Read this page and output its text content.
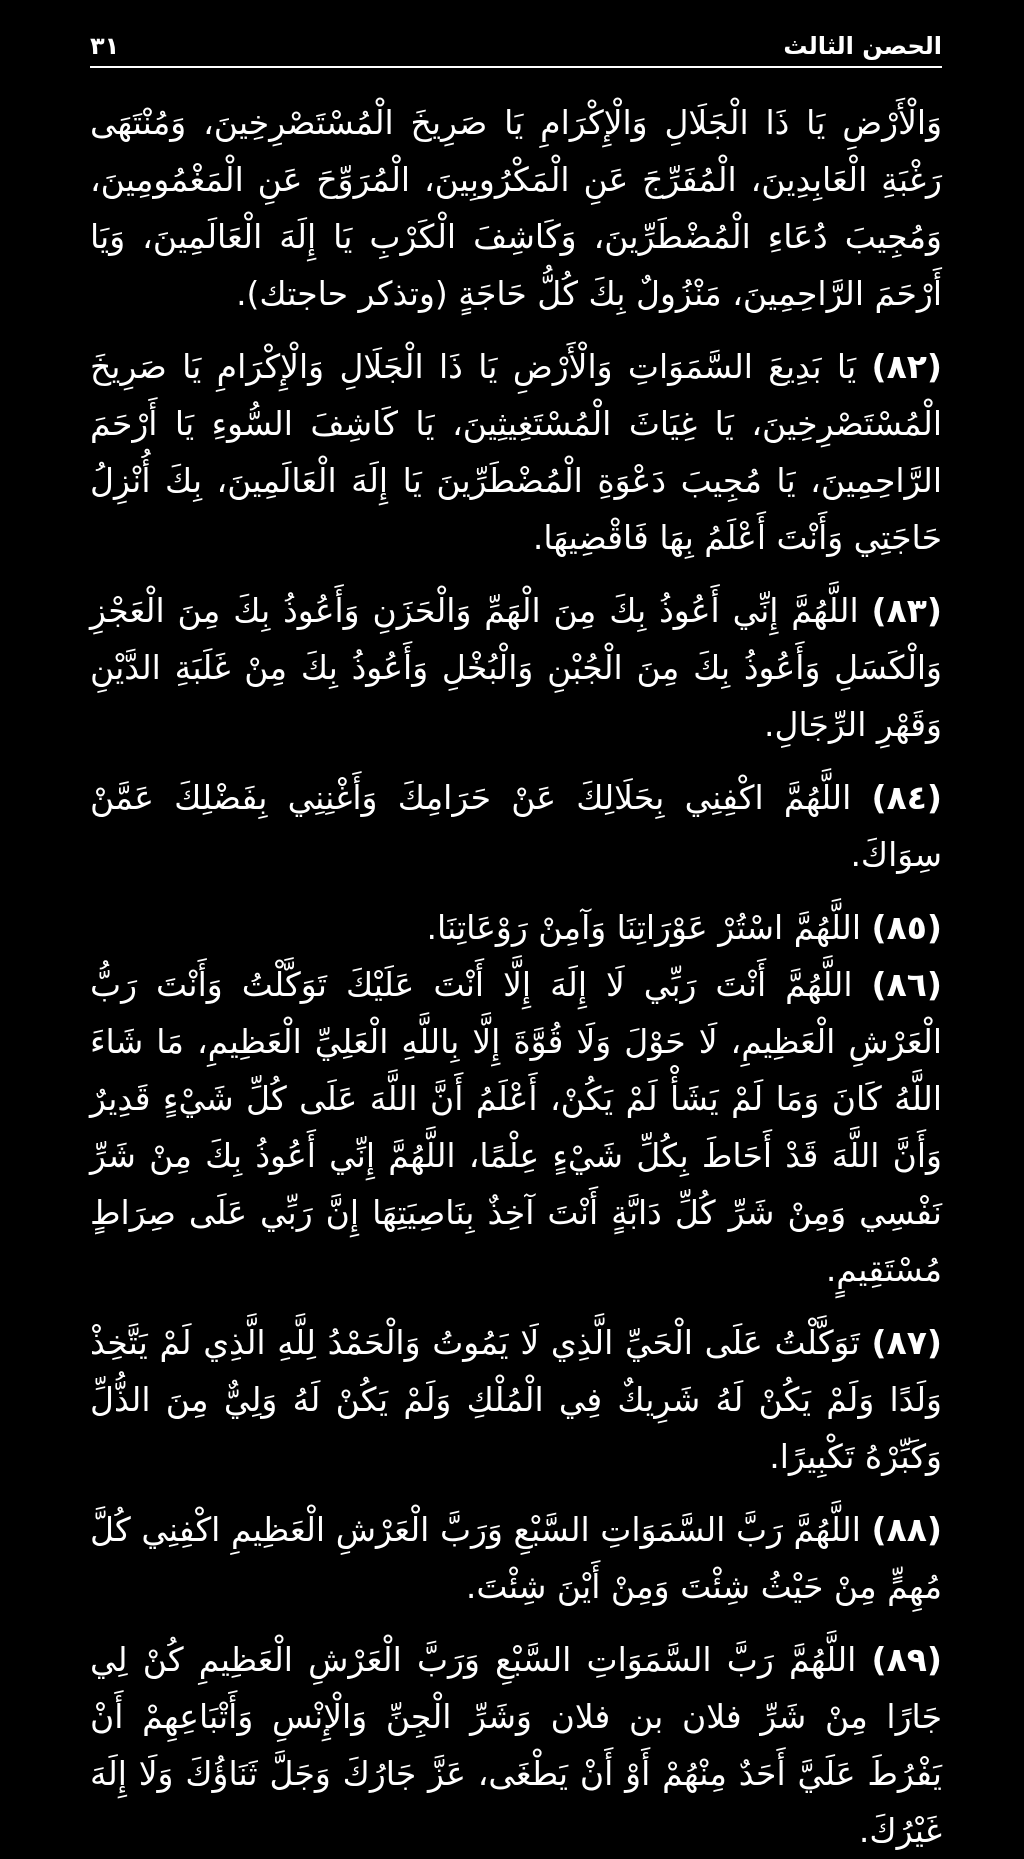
الحصن الثالث
٣١

وَالْأَرْضِ يَا ذَا الْجَلَالِ وَالْإِكْرَامِ يَا صَرِيخَ الْمُسْتَصْرِخِينَ، وَمُنْتَهَى رَغْبَةِ الْعَابِدِينَ، الْمُفَرِّجَ عَنِ الْمَكْرُوبِينَ، الْمُرَوِّحَ عَنِ الْمَغْمُومِينَ، وَمُجِيبَ دُعَاءِ الْمُضْطَرِّينَ، وَكَاشِفَ الْكَرْبِ يَا إِلَهَ الْعَالَمِينَ، وَيَا أَرْحَمَ الرَّاحِمِينَ، مَنْزُولٌ بِكَ كُلُّ حَاجَةٍ (وتذكر حاجتك).

(٨٢) يَا بَدِيعَ السَّمَوَاتِ وَالْأَرْضِ يَا ذَا الْجَلَالِ وَالْإِكْرَامِ يَا صَرِيخَ الْمُسْتَصْرِخِينَ، يَا غِيَاثَ الْمُسْتَغِيثِينَ، يَا كَاشِفَ السُّوءِ يَا أَرْحَمَ الرَّاحِمِينَ، يَا مُجِيبَ دَعْوَةِ الْمُضْطَرِّينَ يَا إِلَهَ الْعَالَمِينَ، بِكَ أُنْزِلُ حَاجَتِي وَأَنْتَ أَعْلَمُ بِهَا فَاقْضِيهَا.

(٨٣) اللَّهُمَّ إِنِّي أَعُوذُ بِكَ مِنَ الْهَمِّ وَالْحَزَنِ وَأَعُوذُ بِكَ مِنَ الْعَجْزِ وَالْكَسَلِ وَأَعُوذُ بِكَ مِنَ الْجُبْنِ وَالْبُخْلِ وَأَعُوذُ بِكَ مِنْ غَلَبَةِ الدَّيْنِ وَقَهْرِ الرِّجَالِ.

(٨٤) اللَّهُمَّ اكْفِنِي بِحَلَالِكَ عَنْ حَرَامِكَ وَأَغْنِنِي بِفَضْلِكَ عَمَّنْ سِوَاكَ.

(٨٥) اللَّهُمَّ اسْتُرْ عَوْرَاتِنَا وَآمِنْ رَوْعَاتِنَا.

(٨٦) اللَّهُمَّ أَنْتَ رَبِّي لَا إِلَهَ إِلَّا أَنْتَ عَلَيْكَ تَوَكَّلْتُ وَأَنْتَ رَبُّ الْعَرْشِ الْعَظِيمِ، لَا حَوْلَ وَلَا قُوَّةَ إِلَّا بِاللَّهِ الْعَلِيِّ الْعَظِيمِ، مَا شَاءَ اللَّهُ كَانَ وَمَا لَمْ يَشَأْ لَمْ يَكُنْ، أَعْلَمُ أَنَّ اللَّهَ عَلَى كُلِّ شَيْءٍ قَدِيرٌ وَأَنَّ اللَّهَ قَدْ أَحَاطَ بِكُلِّ شَيْءٍ عِلْمًا، اللَّهُمَّ إِنِّي أَعُوذُ بِكَ مِنْ شَرِّ نَفْسِي وَمِنْ شَرِّ كُلِّ دَابَّةٍ أَنْتَ آخِذٌ بِنَاصِيَتِهَا إِنَّ رَبِّي عَلَى صِرَاطٍ مُسْتَقِيمٍ.

(٨٧) تَوَكَّلْتُ عَلَى الْحَيِّ الَّذِي لَا يَمُوتُ وَالْحَمْدُ لِلَّهِ الَّذِي لَمْ يَتَّخِذْ وَلَدًا وَلَمْ يَكُنْ لَهُ شَرِيكٌ فِي الْمُلْكِ وَلَمْ يَكُنْ لَهُ وَلِيٌّ مِنَ الذُّلِّ وَكَبِّرْهُ تَكْبِيرًا.

(٨٨) اللَّهُمَّ رَبَّ السَّمَوَاتِ السَّبْعِ وَرَبَّ الْعَرْشِ الْعَظِيمِ اكْفِنِي كُلَّ مُهِمٍّ مِنْ حَيْثُ شِئْتَ وَمِنْ أَيْنَ شِئْتَ.

(٨٩) اللَّهُمَّ رَبَّ السَّمَوَاتِ السَّبْعِ وَرَبَّ الْعَرْشِ الْعَظِيمِ كُنْ لِي جَارًا مِنْ شَرِّ فلان بن فلان وَشَرِّ الْجِنِّ وَالْإِنْسِ وَأَتْبَاعِهِمْ أَنْ يَفْرُطَ عَلَيَّ أَحَدٌ مِنْهُمْ أَوْ أَنْ يَطْغَى، عَزَّ جَارُكَ وَجَلَّ ثَنَاؤُكَ وَلَا إِلَهَ غَيْرُكَ.
